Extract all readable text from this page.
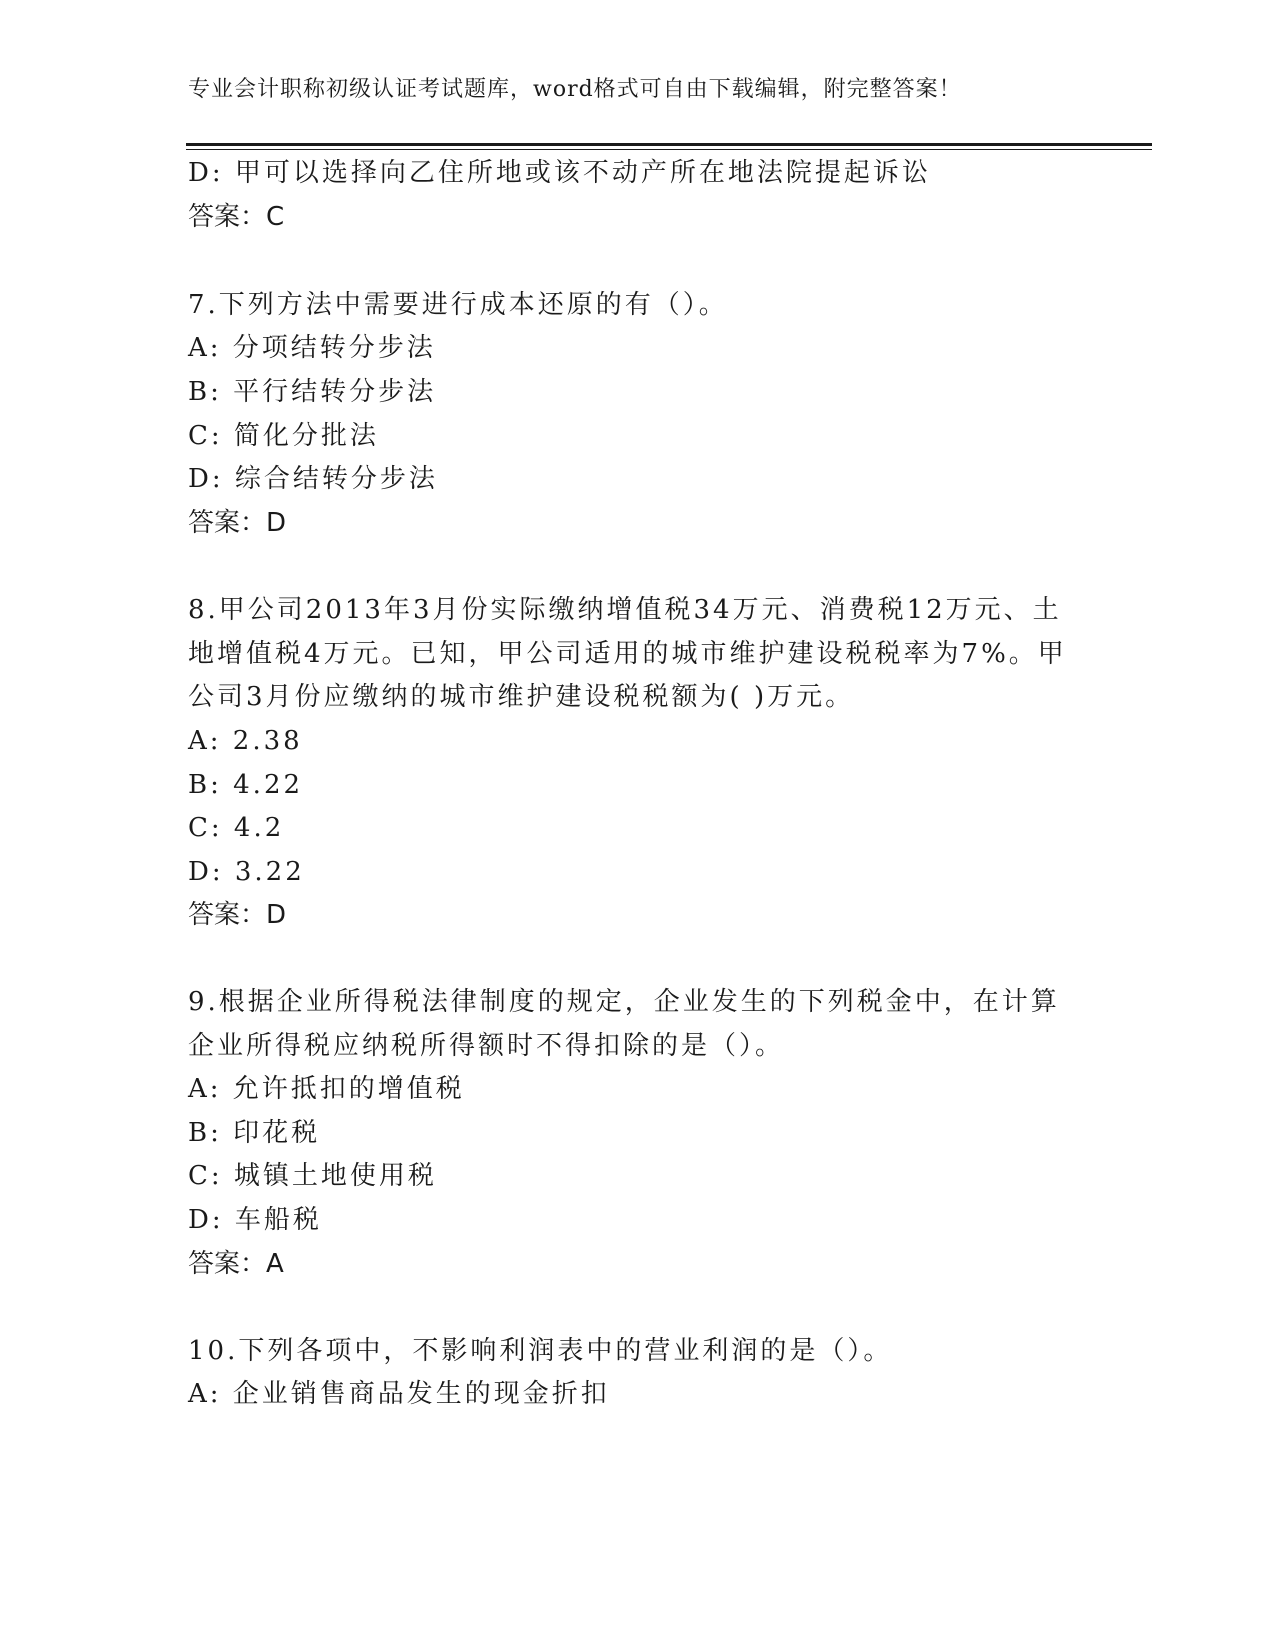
专业会计职称初级认证考试题库，word格式可自由下载编辑，附完整答案！
D: 甲可以选择向乙住所地或该不动产所在地法院提起诉讼
答案：C
7.下列方法中需要进行成本还原的有（）。
A: 分项结转分步法
B: 平行结转分步法
C: 简化分批法
D: 综合结转分步法
答案：D
8.甲公司2013年3月份实际缴纳增值税34万元、消费税12万元、土
地增值税4万元。已知，甲公司适用的城市维护建设税税率为7%。甲
公司3月份应缴纳的城市维护建设税税额为( )万元。
A: 2.38
B: 4.22
C: 4.2
D: 3.22
答案：D
9.根据企业所得税法律制度的规定，企业发生的下列税金中，在计算
企业所得税应纳税所得额时不得扣除的是（）。
A: 允许抵扣的增值税
B: 印花税
C: 城镇土地使用税
D: 车船税
答案：A
10.下列各项中，不影响利润表中的营业利润的是（）。
A: 企业销售商品发生的现金折扣
